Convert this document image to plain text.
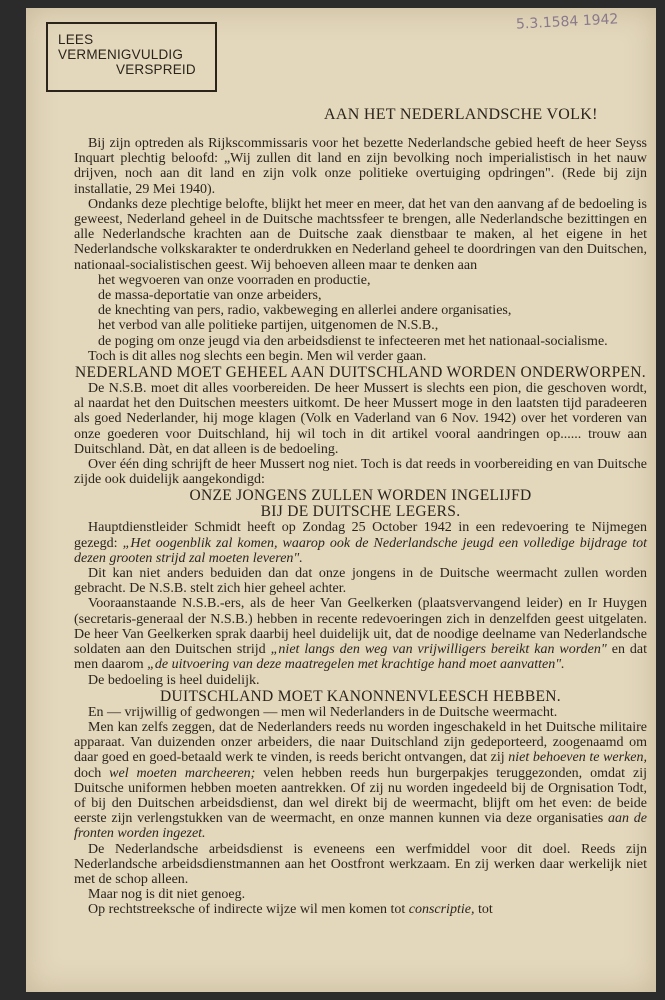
LEES
VERMENIGVULDIG
VERSPREID
5.3.1584 1942
AAN HET NEDERLANDSCHE VOLK!

Bij zijn optreden als Rijkscommissaris voor het bezette Nederlandsche gebied heeft de heer Seyss Inquart plechtig beloofd: „Wij zullen dit land en zijn bevolking noch imperialistisch in het nauw drijven, noch aan dit land en zijn volk onze politieke overtuiging opdringen". (Rede bij zijn installatie, 29 Mei 1940).

Ondanks deze plechtige belofte, blijkt het meer en meer, dat het van den aanvang af de bedoeling is geweest, Nederland geheel in de Duitsche machtssfeer te brengen, alle Nederlandsche bezittingen en alle Nederlandsche krachten aan de Duitsche zaak dienstbaar te maken, al het eigene in het Nederlandsche volkskarakter te onderdrukken en Nederland geheel te doordringen van den Duitschen, nationaal-socialistischen geest. Wij behoeven alleen maar te denken aan

het wegvoeren van onze voorraden en productie,
de massa-deportatie van onze arbeiders,
de knechting van pers, radio, vakbeweging en allerlei andere organisaties,
het verbod van alle politieke partijen, uitgenomen de N.S.B.,
de poging om onze jeugd via den arbeidsdienst te infecteeren met het nationaal-socialisme.

Toch is dit alles nog slechts een begin. Men wil verder gaan.

NEDERLAND MOET GEHEEL AAN DUITSCHLAND WORDEN ONDERWORPEN.

De N.S.B. moet dit alles voorbereiden. De heer Mussert is slechts een pion, die geschoven wordt, al naardat het den Duitschen meesters uitkomt. De heer Mussert moge in den laatsten tijd paradeeren als goed Nederlander, hij moge klagen (Volk en Vaderland van 6 Nov. 1942) over het vorderen van onze goederen voor Duitschland, hij wil toch in dit artikel vooral aandringen op...... trouw aan Duitschland. Dàt, en dat alleen is de bedoeling.

Over één ding schrijft de heer Mussert nog niet. Toch is dat reeds in voorbereiding en van Duitsche zijde ook duidelijk aangekondigd:

ONZE JONGENS ZULLEN WORDEN INGELIJFD
BIJ DE DUITSCHE LEGERS.

Hauptdienstleider Schmidt heeft op Zondag 25 October 1942 in een redevoering te Nijmegen gezegd: „Het oogenblik zal komen, waarop ook de Nederlandsche jeugd een volledige bijdrage tot dezen grooten strijd zal moeten leveren".

Dit kan niet anders beduiden dan dat onze jongens in de Duitsche weermacht zullen worden gebracht. De N.S.B. stelt zich hier geheel achter.

Vooraanstaande N.S.B.-ers, als de heer Van Geelkerken (plaatsvervangend leider) en Ir Huygen (secretaris-generaal der N.S.B.) hebben in recente redevoeringen zich in denzelfden geest uitgelaten. De heer Van Geelkerken sprak daarbij heel duidelijk uit, dat de noodige deelname van Nederlandsche soldaten aan den Duitschen strijd „niet langs den weg van vrijwilligers bereikt kan worden" en dat men daarom „de uitvoering van deze maatregelen met krachtige hand moet aanvatten".

De bedoeling is heel duidelijk.

DUITSCHLAND MOET KANONNENVLEESCH HEBBEN.

En — vrijwillig of gedwongen — men wil Nederlanders in de Duitsche weermacht.

Men kan zelfs zeggen, dat de Nederlanders reeds nu worden ingeschakeld in het Duitsche militaire apparaat. Van duizenden onzer arbeiders, die naar Duitschland zijn gedeporteerd, zoogenaamd om daar goed en goed-betaald werk te vinden, is reeds bericht ontvangen, dat zij niet behoeven te werken, doch wel moeten marcheeren; velen hebben reeds hun burgerpakjes teruggezonden, omdat zij Duitsche uniformen hebben moeten aantrekken. Of zij nu worden ingedeeld bij de Orgnisation Todt, of bij den Duitschen arbeidsdienst, dan wel direkt bij de weermacht, blijft om het even: de beide eerste zijn verlengstukken van de weermacht, en onze mannen kunnen via deze organisaties aan de fronten worden ingezet.

De Nederlandsche arbeidsdienst is eveneens een werfmiddel voor dit doel. Reeds zijn Nederlandsche arbeidsdienstmannen aan het Oostfront werkzaam. En zij werken daar werkelijk niet met de schop alleen.

Maar nog is dit niet genoeg.

Op rechtstreeksche of indirecte wijze wil men komen tot conscriptie, tot
